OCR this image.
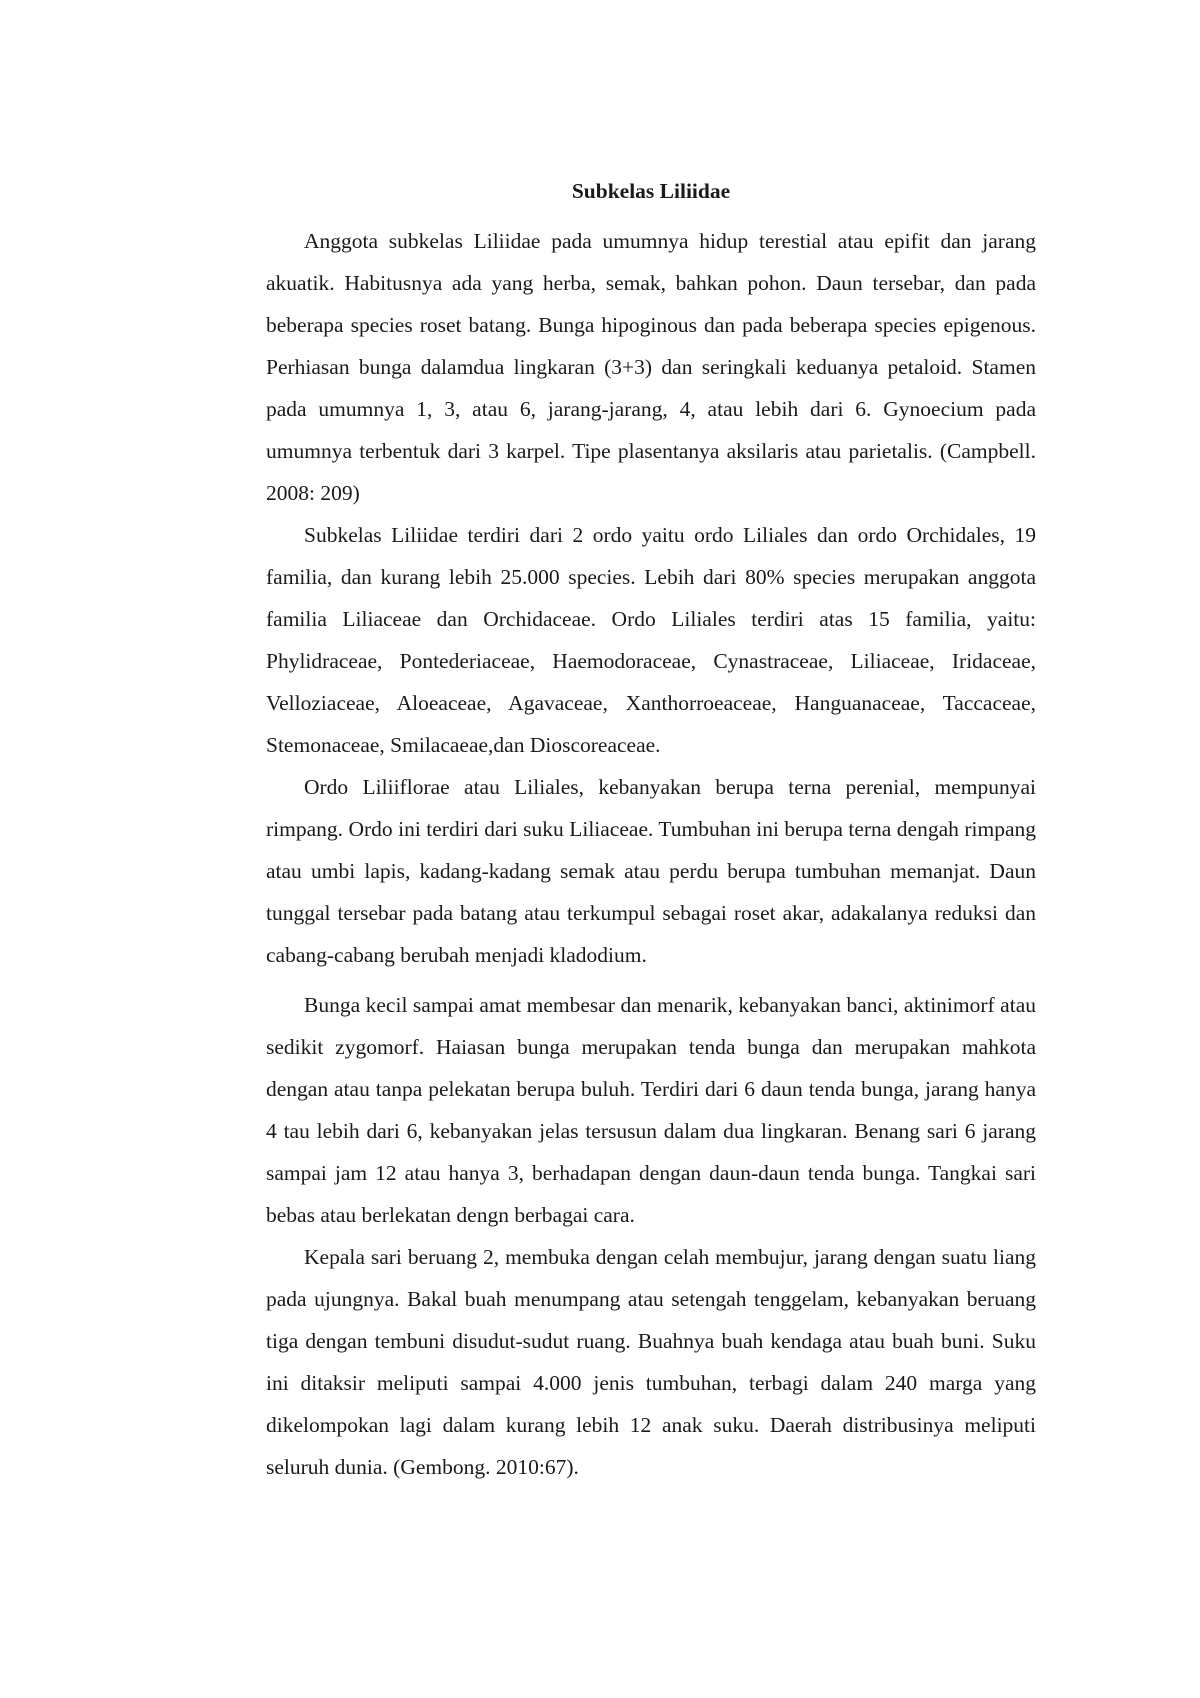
Subkelas Liliidae

Anggota subkelas Liliidae pada umumnya hidup terestial atau epifit dan jarang akuatik. Habitusnya ada yang herba, semak, bahkan pohon. Daun tersebar, dan pada beberapa species roset batang. Bunga hipoginous dan pada beberapa species epigenous. Perhiasan bunga dalamdua lingkaran (3+3) dan seringkali keduanya petaloid. Stamen pada umumnya 1, 3, atau 6, jarang-jarang, 4, atau lebih dari 6. Gynoecium pada umumnya terbentuk dari 3 karpel. Tipe plasentanya aksilaris atau parietalis. (Campbell. 2008: 209)

Subkelas Liliidae terdiri dari 2 ordo yaitu ordo Liliales dan ordo Orchidales, 19 familia, dan kurang lebih 25.000 species. Lebih dari 80% species merupakan anggota familia Liliaceae dan Orchidaceae. Ordo Liliales terdiri atas 15 familia, yaitu: Phylidraceae, Pontederiaceae, Haemodoraceae, Cynastraceae, Liliaceae, Iridaceae, Velloziaceae, Aloeaceae, Agavaceae, Xanthorroeaceae, Hanguanaceae, Taccaceae, Stemonaceae, Smilacaeae,dan Dioscoreaceae.

Ordo Liliiflorae atau Liliales, kebanyakan berupa terna perenial, mempunyai rimpang. Ordo ini terdiri dari suku Liliaceae. Tumbuhan ini berupa terna dengah rimpang atau umbi lapis, kadang-kadang semak atau perdu berupa tumbuhan memanjat. Daun tunggal tersebar pada batang atau terkumpul sebagai roset akar, adakalanya reduksi dan cabang-cabang berubah menjadi kladodium.

Bunga kecil sampai amat membesar dan menarik, kebanyakan banci, aktinimorf atau sedikit zygomorf. Haiasan bunga merupakan tenda bunga dan merupakan mahkota dengan atau tanpa pelekatan berupa buluh. Terdiri dari 6 daun tenda bunga, jarang hanya 4 tau lebih dari 6, kebanyakan jelas tersusun dalam dua lingkaran. Benang sari 6 jarang sampai jam 12 atau hanya 3, berhadapan dengan daun-daun tenda bunga. Tangkai sari bebas atau berlekatan dengn berbagai cara.

Kepala sari beruang 2, membuka dengan celah membujur, jarang dengan suatu liang pada ujungnya. Bakal buah menumpang atau setengah tenggelam, kebanyakan beruang tiga dengan tembuni disudut-sudut ruang. Buahnya buah kendaga atau buah buni. Suku ini ditaksir meliputi sampai 4.000 jenis tumbuhan, terbagi dalam 240 marga yang dikelompokan lagi dalam kurang lebih 12 anak suku. Daerah distribusinya meliputi seluruh dunia. (Gembong. 2010:67).
